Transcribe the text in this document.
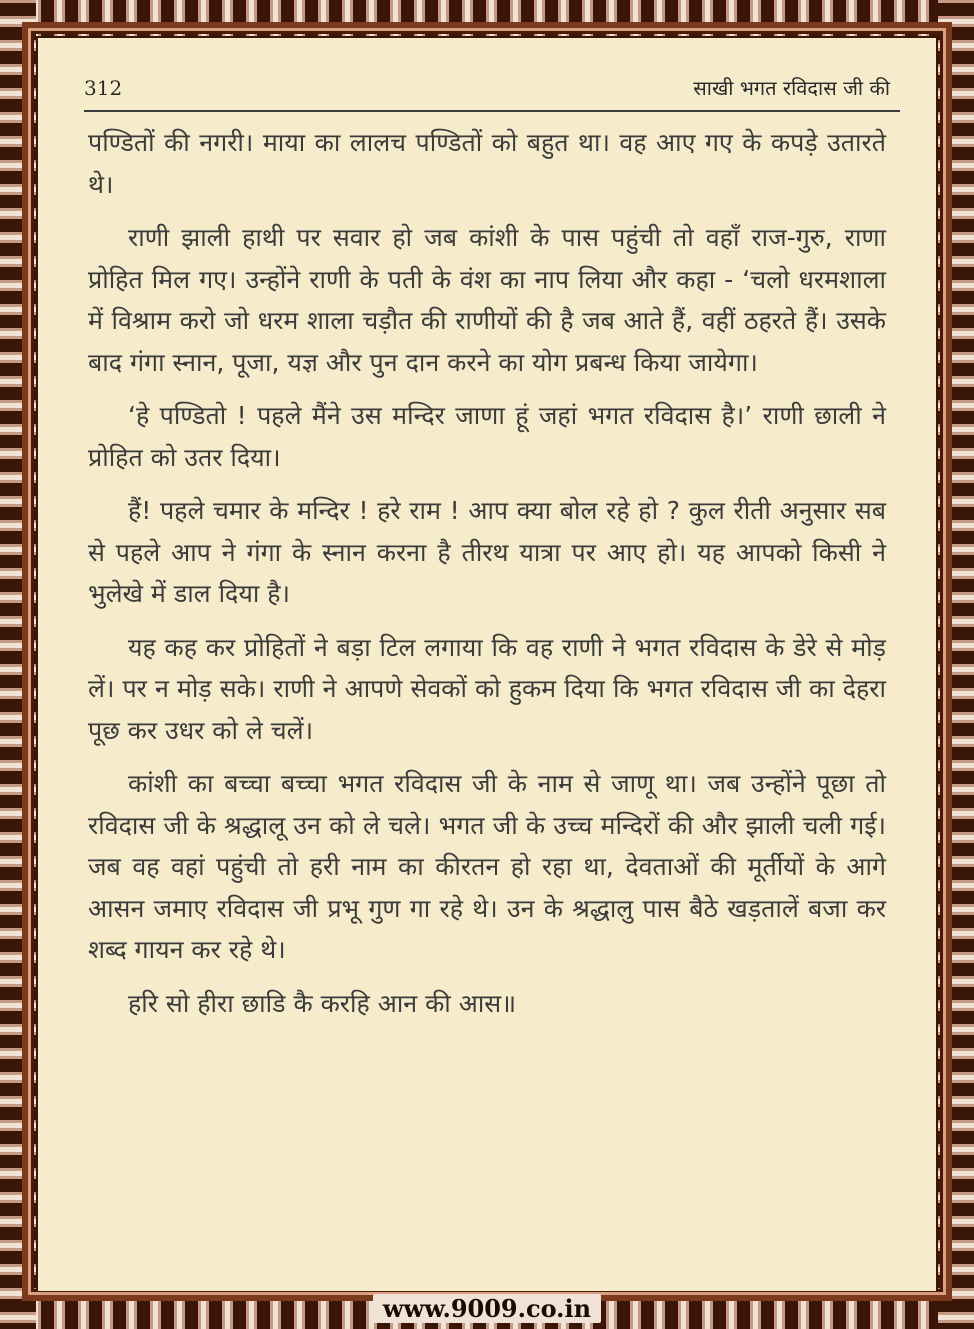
312	साखी भगत रविदास जी की

पण्डितों की नगरी। माया का लालच पण्डितों को बहुत था। वह आए गए के कपड़े उतारते थे।

राणी झाली हाथी पर सवार हो जब कांशी के पास पहुंची तो वहाँ राज-गुरु, राणा प्रोहित मिल गए। उन्होंने राणी के पती के वंश का नाप लिया और कहा - ‘चलो धरमशाला में विश्राम करो जो धरम शाला चड़ौत की राणीयों की है जब आते हैं, वहीं ठहरते हैं। उसके बाद गंगा स्नान, पूजा, यज्ञ और पुन दान करने का योग प्रबन्ध किया जायेगा।

‘हे पण्डितो ! पहले मैंने उस मन्दिर जाणा हूं जहां भगत रविदास है।’ राणी छाली ने प्रोहित को उतर दिया।

हैं! पहले चमार के मन्दिर ! हरे राम ! आप क्या बोल रहे हो ? कुल रीती अनुसार सब से पहले आप ने गंगा के स्नान करना है तीरथ यात्रा पर आए हो। यह आपको किसी ने भुलेखे में डाल दिया है।

यह कह कर प्रोहितों ने बड़ा टिल लगाया कि वह राणी ने भगत रविदास के डेरे से मोड़ लें। पर न मोड़ सके। राणी ने आपणे सेवकों को हुकम दिया कि भगत रविदास जी का देहरा पूछ कर उधर को ले चलें।

कांशी का बच्चा बच्चा भगत रविदास जी के नाम से जाणू था। जब उन्होंने पूछा तो रविदास जी के श्रद्धालू उन को ले चले। भगत जी के उच्च मन्दिरों की और झाली चली गई। जब वह वहां पहुंची तो हरी नाम का कीरतन हो रहा था, देवताओं की मूर्तीयों के आगे आसन जमाए रविदास जी प्रभू गुण गा रहे थे। उन के श्रद्धालु पास बैठे खड़तालें बजा कर शब्द गायन कर रहे थे।

हरि सो हीरा छाडि कै करहि आन की आस॥

www.9009.co.in
